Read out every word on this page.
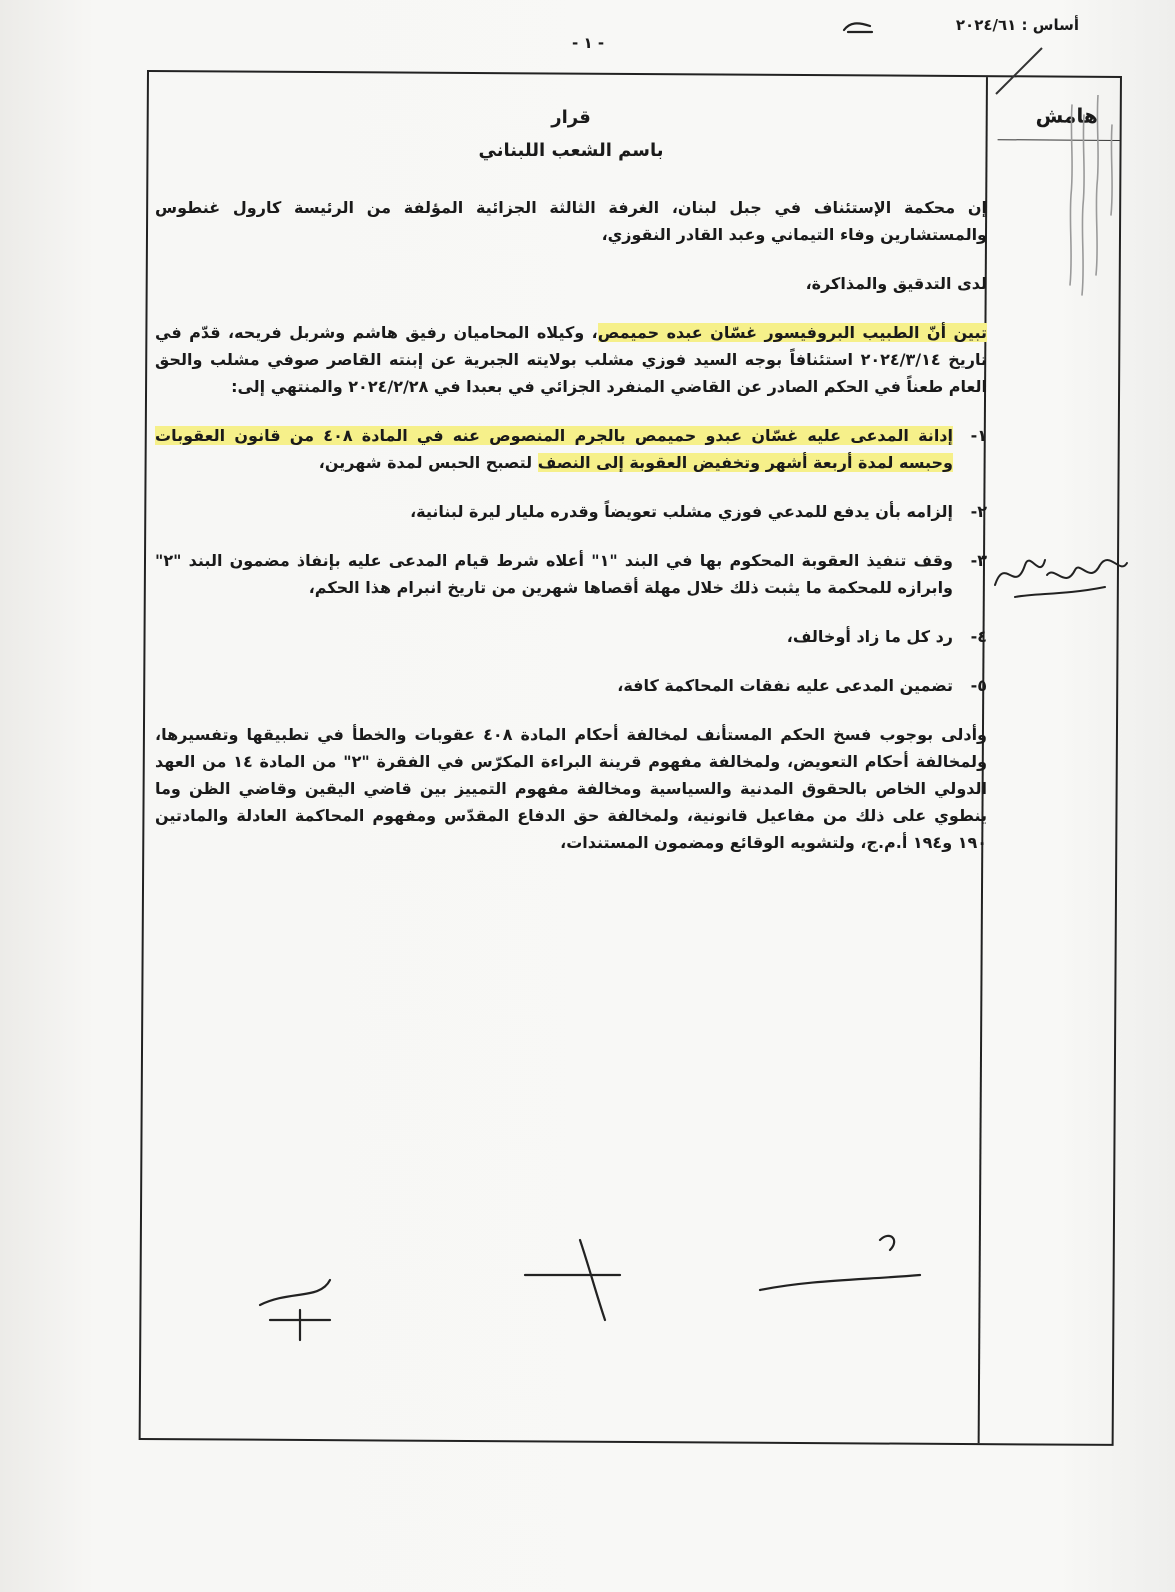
أساس : ٢٠٢٤/٦١
- ١ -
هامش

قرار

باسم الشعب اللبناني

إن محكمة الإستئناف في جبل لبنان، الغرفة الثالثة الجزائية المؤلفة من الرئيسة كارول غنطوس والمستشارين وفاء التيماني وعبد القادر النقوزي،

لدى التدقيق والمذاكرة،

تبين أنّ الطبيب البروفيسور غسّان عبده حميمص، وكيلاه المحاميان رفيق هاشم وشربل فريحه، قدّم في تاريخ ٢٠٢٤/٣/١٤ استئنافاً بوجه السيد فوزي مشلب بولايته الجبرية عن إبنته القاصر صوفي مشلب والحق العام طعناً في الحكم الصادر عن القاضي المنفرد الجزائي في بعبدا في ٢٠٢٤/٢/٢٨ والمنتهي إلى:

١-
إدانة المدعى عليه غسّان عبدو حميمص بالجرم المنصوص عنه في المادة ٤٠٨ من قانون العقوبات وحبسه لمدة أربعة أشهر وتخفيض العقوبة إلى النصف لتصبح الحبس لمدة شهرين،
٢-
إلزامه بأن يدفع للمدعي فوزي مشلب تعويضاً وقدره مليار ليرة لبنانية،
٣-
وقف تنفيذ العقوبة المحكوم بها في البند "١" أعلاه شرط قيام المدعى عليه بإنفاذ مضمون البند "٢" وابرازه للمحكمة ما يثبت ذلك خلال مهلة أقصاها شهرين من تاريخ انبرام هذا الحكم،
٤-
رد كل ما زاد أوخالف،
٥-
تضمين المدعى عليه نفقات المحاكمة كافة،

وأدلى بوجوب فسخ الحكم المستأنف لمخالفة أحكام المادة ٤٠٨ عقوبات والخطأ في تطبيقها وتفسيرها، ولمخالفة أحكام التعويض، ولمخالفة مفهوم قرينة البراءة المكرّس في الفقرة "٢" من المادة ١٤ من العهد الدولي الخاص بالحقوق المدنية والسياسية ومخالفة مفهوم التمييز بين قاضي اليقين وقاضي الظن وما ينطوي على ذلك من مفاعيل قانونية، ولمخالفة حق الدفاع المقدّس ومفهوم المحاكمة العادلة والمادتين ١٩٠ و١٩٤ أ.م.ج، ولتشويه الوقائع ومضمون المستندات،
